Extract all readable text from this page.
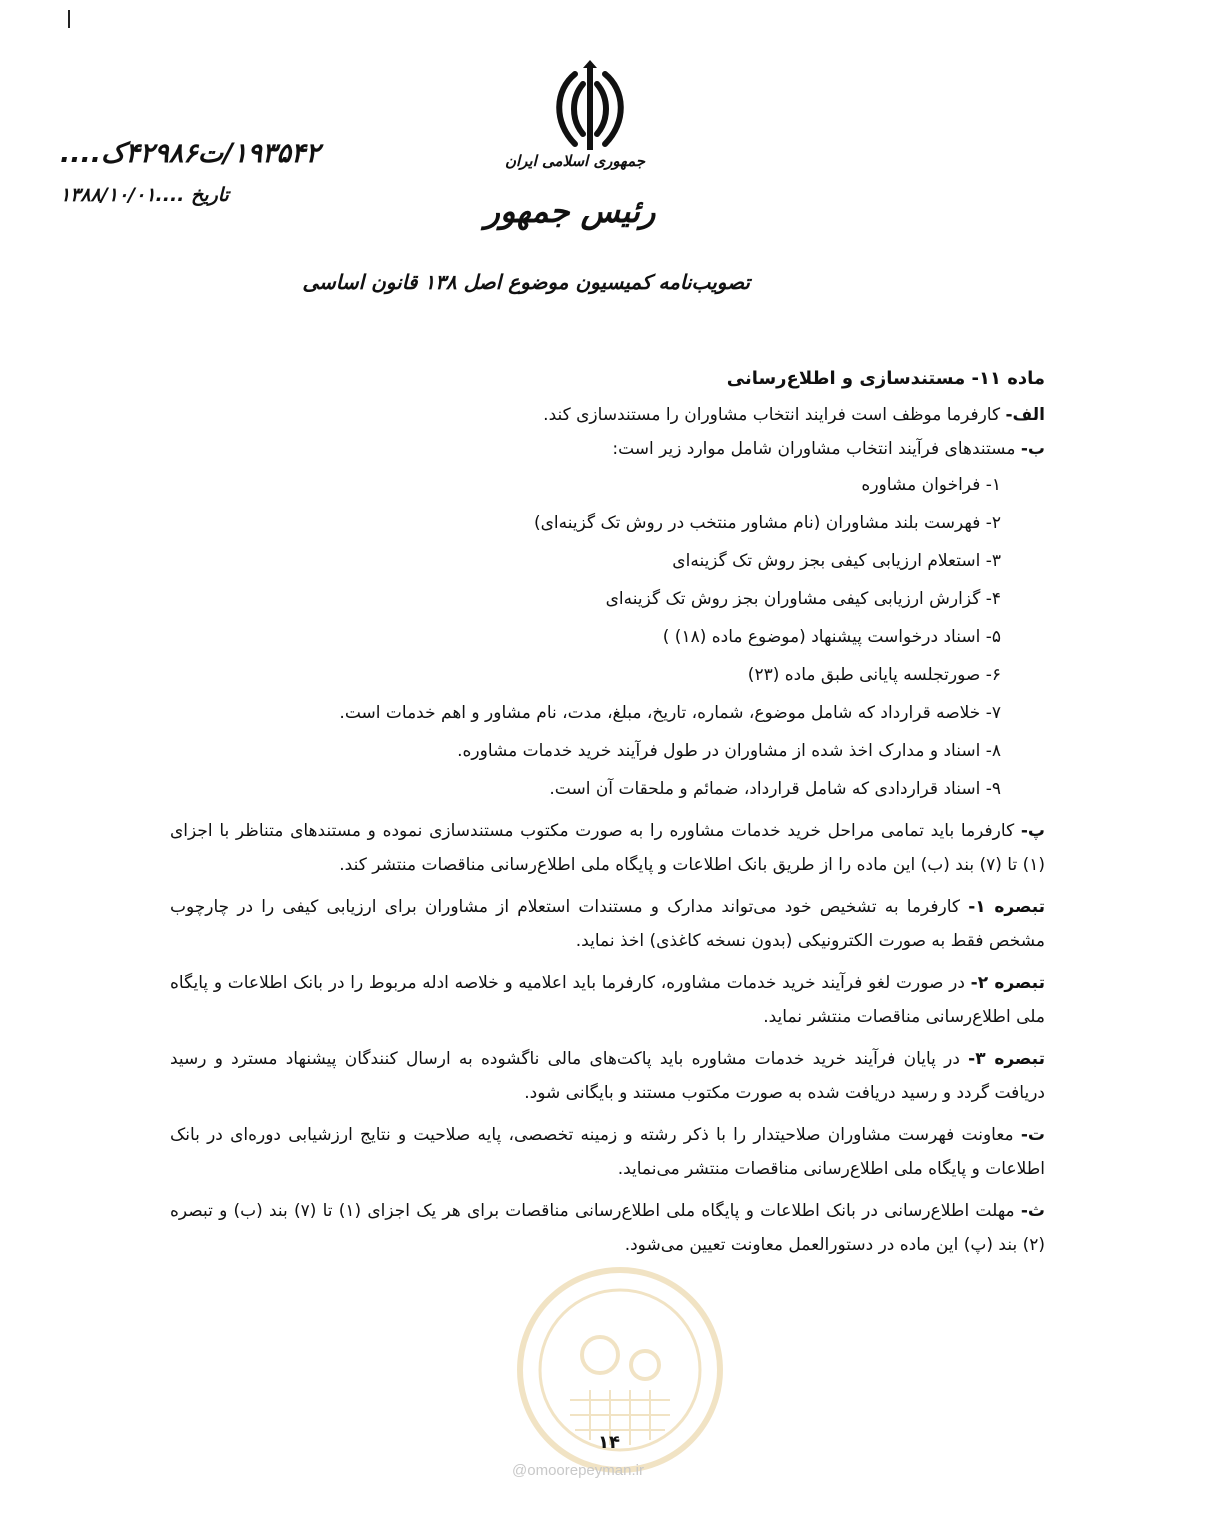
جمهوری اسلامی ایران
رئیس جمهور
تصویب‌نامه کمیسیون موضوع اصل ۱۳۸ قانون اساسی
۱۹۳۵۴۲/ت۴۲۹۸۶ک....
تاریخ ....۱۳۸۸/۱۰/۰۱

ماده ۱۱- مستندسازی و اطلاع‌رسانی

الف- کارفرما موظف است فرایند انتخاب مشاوران را مستندسازی کند.

ب- مستندهای فرآیند انتخاب مشاوران شامل موارد زیر است:

۱- فراخوان مشاوره

۲- فهرست بلند مشاوران (نام مشاور منتخب در روش تک گزینه‌ای)

۳- استعلام ارزیابی کیفی بجز روش تک گزینه‌ای

۴- گزارش ارزیابی کیفی مشاوران بجز روش تک گزینه‌ای

۵- اسناد درخواست پیشنهاد (موضوع ماده (۱۸) )

۶- صورتجلسه پایانی طبق ماده (۲۳)

۷- خلاصه قرارداد که شامل موضوع، شماره، تاریخ، مبلغ، مدت، نام مشاور و اهم خدمات است.

۸- اسناد و مدارک اخذ شده از مشاوران در طول فرآیند خرید خدمات مشاوره.

۹- اسناد قراردادی که شامل قرارداد، ضمائم و ملحقات آن است.

پ- کارفرما باید تمامی مراحل خرید خدمات مشاوره را به صورت مکتوب مستندسازی نموده و مستندهای متناظر با اجزای (۱) تا (۷) بند (ب) این ماده را از طریق بانک اطلاعات و پایگاه ملی اطلاع‌رسانی مناقصات منتشر کند.

تبصره ۱- کارفرما به تشخیص خود می‌تواند مدارک و مستندات استعلام از مشاوران برای ارزیابی کیفی را در چارچوب مشخص فقط به صورت الکترونیکی (بدون نسخه کاغذی) اخذ نماید.

تبصره ۲- در صورت لغو فرآیند خرید خدمات مشاوره، کارفرما باید اعلامیه و خلاصه ادله مربوط را در بانک اطلاعات و پایگاه ملی اطلاع‌رسانی مناقصات منتشر نماید.

تبصره ۳- در پایان فرآیند خرید خدمات مشاوره باید پاکت‌های مالی ناگشوده به ارسال کنندگان پیشنهاد مسترد و رسید دریافت گردد و رسید دریافت شده به صورت مکتوب مستند و بایگانی شود.

ت- معاونت فهرست مشاوران صلاحیتدار را با ذکر رشته و زمینه تخصصی، پایه صلاحیت و نتایج ارزشیابی دوره‌ای در بانک اطلاعات و پایگاه ملی اطلاع‌رسانی مناقصات منتشر می‌نماید.

ث- مهلت اطلاع‌رسانی در بانک اطلاعات و پایگاه ملی اطلاع‌رسانی مناقصات برای هر یک اجزای (۱) تا (۷) بند (ب) و تبصره (۲) بند (پ) این ماده در دستورالعمل معاونت تعیین می‌شود.

۱۴
@omoorepeyman.ir
